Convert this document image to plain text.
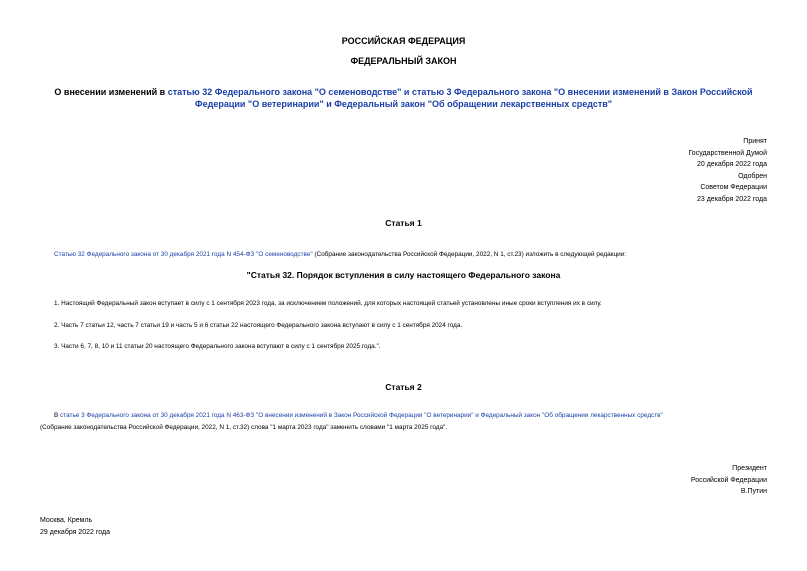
РОССИЙСКАЯ ФЕДЕРАЦИЯ
ФЕДЕРАЛЬНЫЙ ЗАКОН
О внесении изменений в статью 32 Федерального закона "О семеноводстве" и статью 3 Федерального закона "О внесении изменений в Закон Российской
Федерации "О ветеринарии" и Федеральный закон "Об обращении лекарственных средств"
Принят
Государственной Думой
20 декабря 2022 года
Одобрен
Советом Федерации
23 декабря 2022 года
Статья 1
Статью 32 Федерального закона от 30 декабря 2021 года N 454-ФЗ "О семеноводстве" (Собрание законодательства Российской Федерации, 2022, N 1, ст.23) изложить в следующей редакции:
"Статья 32. Порядок вступления в силу настоящего Федерального закона
1. Настоящий Федеральный закон вступает в силу с 1 сентября 2023 года, за исключением положений, для которых настоящей статьей установлены иные сроки вступления их в силу.
2. Часть 7 статьи 12, часть 7 статьи 19 и часть 5 и 6 статьи 22 настоящего Федерального закона вступают в силу с 1 сентября 2024 года.
3. Части 6, 7, 8, 10 и 11 статьи 20 настоящего Федерального закона вступают в силу с 1 сентября 2025 года.".
Статья 2
В статье 3 Федерального закона от 30 декабря 2021 года N 463-ФЗ "О внесении изменений в Закон Российской Федерации "О ветеринарии" и Федеральный закон "Об обращении лекарственных средств"
(Собрание законодательства Российской Федерации, 2022, N 1, ст.32) слова "1 марта 2023 года" заменить словами "1 марта 2025 года".
Президент
Российской Федерации
В.Путин
Москва, Кремль
29 декабря 2022 года
